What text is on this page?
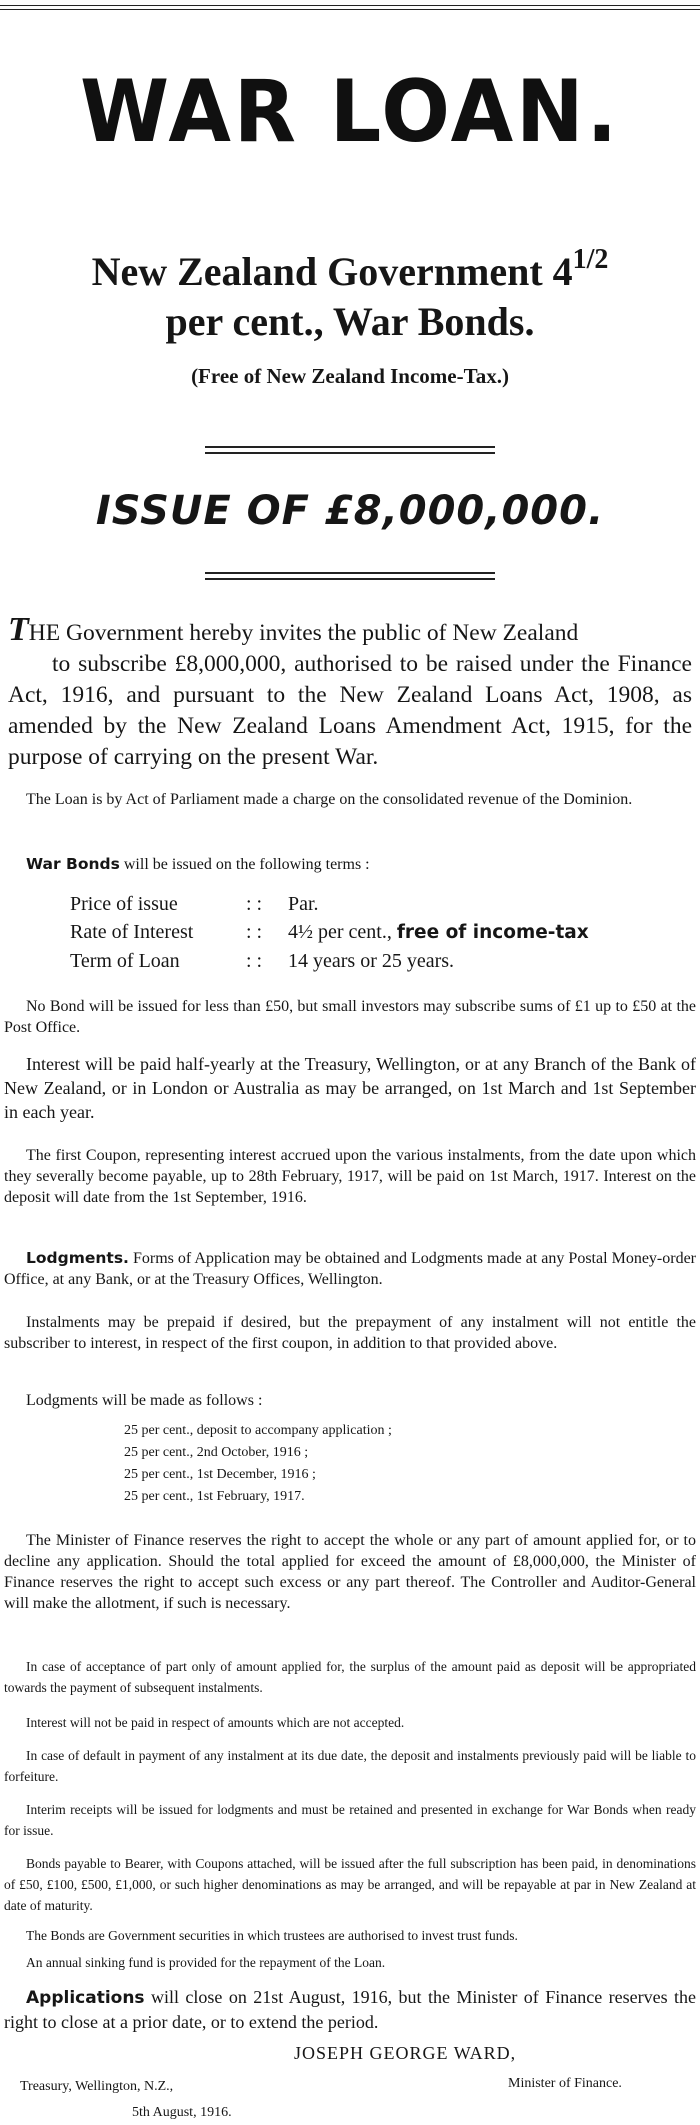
WAR LOAN.
New Zealand Government $4^{1/2}$
per cent., War Bonds.
(Free of New Zealand Income-Tax.)
ISSUE OF £8,000,000.
THE Government hereby invites the public of New Zealand
to subscribe £8,000,000, authorised to be raised under the Finance Act, 1916, and pursuant to the New Zealand Loans Act, 1908, as amended by the New Zealand Loans Amendment Act, 1915, for the purpose of carrying on the present War.
The Loan is by Act of Parliament made a charge on the consolidated revenue of the Dominion.
War Bonds will be issued on the following terms :
Price of issue	: :	Par.
Rate of Interest	: :	4½ per cent., free of income-tax
Term of Loan	: :	14 years or 25 years.
No Bond will be issued for less than £50, but small investors may subscribe sums of £1 up to £50 at the Post Office.
Interest will be paid half-yearly at the Treasury, Wellington, or at any Branch of the Bank of New Zealand, or in London or Australia as may be arranged, on 1st March and 1st September in each year.
The first Coupon, representing interest accrued upon the various instalments, from the date upon which they severally become payable, up to 28th February, 1917, will be paid on 1st March, 1917. Interest on the deposit will date from the 1st September, 1916.
Lodgments. Forms of Application may be obtained and Lodgments made at any Postal Money-order Office, at any Bank, or at the Treasury Offices, Wellington.
Instalments may be prepaid if desired, but the prepayment of any instalment will not entitle the subscriber to interest, in respect of the first coupon, in addition to that provided above.
Lodgments will be made as follows :
25 per cent., deposit to accompany application ;
25 per cent., 2nd October, 1916 ;
25 per cent., 1st December, 1916 ;
25 per cent., 1st February, 1917.
The Minister of Finance reserves the right to accept the whole or any part of amount applied for, or to decline any application. Should the total applied for exceed the amount of £8,000,000, the Minister of Finance reserves the right to accept such excess or any part thereof. The Controller and Auditor-General will make the allotment, if such is necessary.
In case of acceptance of part only of amount applied for, the surplus of the amount paid as deposit will be appropriated towards the payment of subsequent instalments.
Interest will not be paid in respect of amounts which are not accepted.
In case of default in payment of any instalment at its due date, the deposit and instalments previously paid will be liable to forfeiture.
Interim receipts will be issued for lodgments and must be retained and presented in exchange for War Bonds when ready for issue.
Bonds payable to Bearer, with Coupons attached, will be issued after the full subscription has been paid, in denominations of £50, £100, £500, £1,000, or such higher denominations as may be arranged, and will be repayable at par in New Zealand at date of maturity.
The Bonds are Government securities in which trustees are authorised to invest trust funds.
An annual sinking fund is provided for the repayment of the Loan.
Applications will close on 21st August, 1916, but the Minister of Finance reserves the right to close at a prior date, or to extend the period.
JOSEPH GEORGE WARD,
Treasury, Wellington, N.Z.,	Minister of Finance.
5th August, 1916.
